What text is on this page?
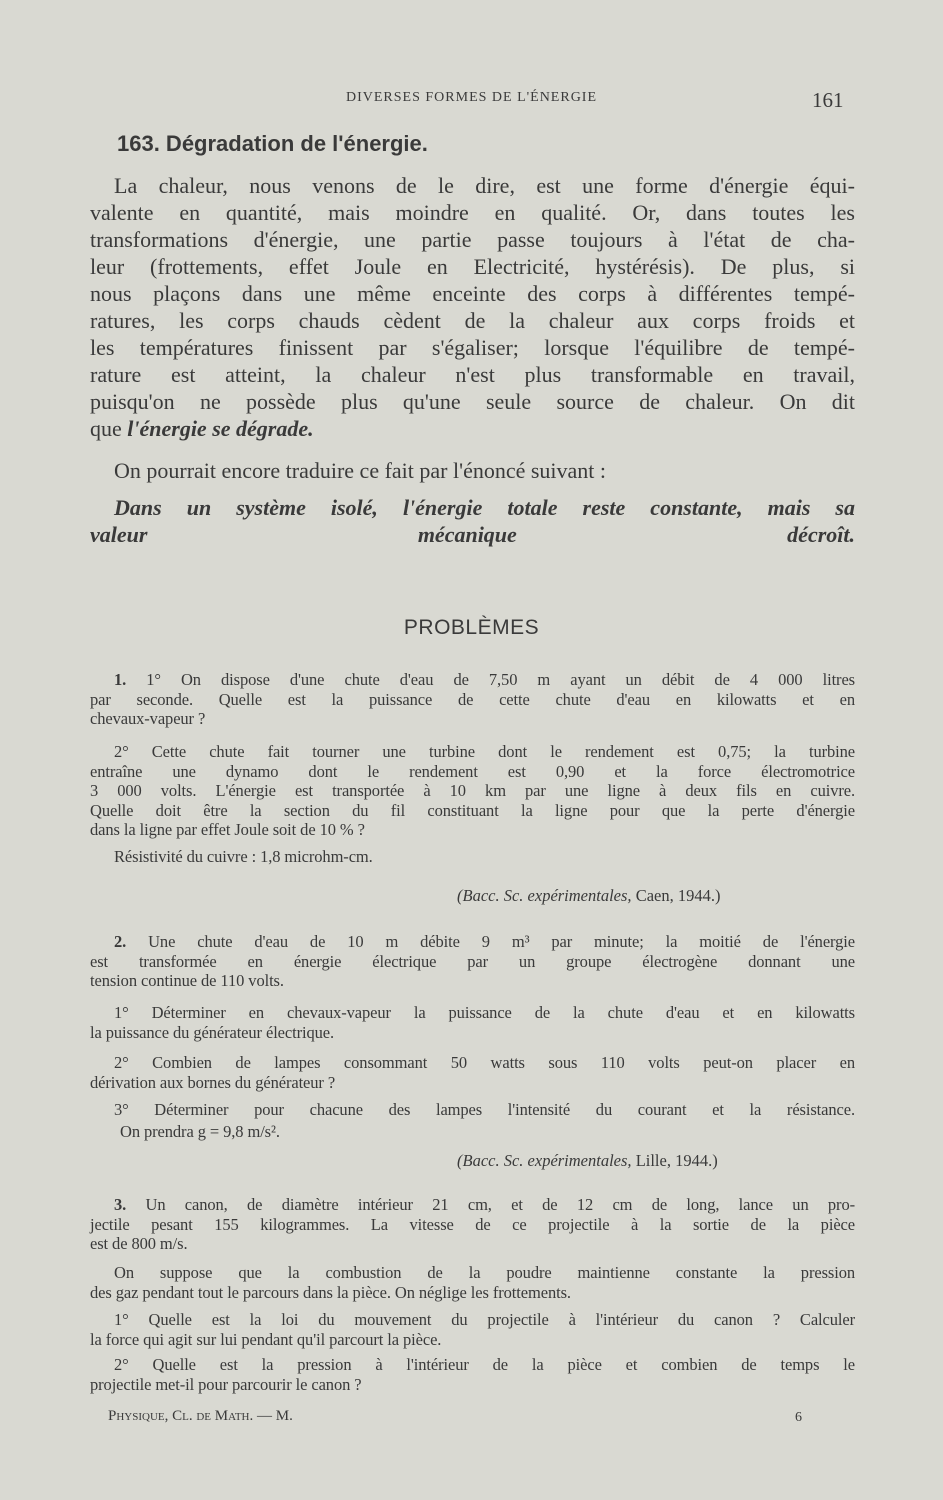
DIVERSES FORMES DE L'ÉNERGIE	161
163. Dégradation de l'énergie.
PROBLÈMES
La chaleur, nous venons de le dire, est une forme d'énergie équi-
valente en quantité, mais moindre en qualité. Or, dans toutes les
transformations d'énergie, une partie passe toujours à l'état de cha-
leur (frottements, effet Joule en Electricité, hystérésis). De plus, si
nous plaçons dans une même enceinte des corps à différentes tempé-
ratures, les corps chauds cèdent de la chaleur aux corps froids et
les températures finissent par s'égaliser; lorsque l'équilibre de tempé-
rature est atteint, la chaleur n'est plus transformable en travail,
puisqu'on ne possède plus qu'une seule source de chaleur. On dit
que l'énergie se dégrade.
On pourrait encore traduire ce fait par l'énoncé suivant :
Dans un système isolé, l'énergie totale reste constante, mais sa
valeur mécanique décroît.
1. 1° On dispose d'une chute d'eau de 7,50 m ayant un débit de 4 000 litres
par seconde. Quelle est la puissance de cette chute d'eau en kilowatts et en
chevaux-vapeur ?
2° Cette chute fait tourner une turbine dont le rendement est 0,75; la turbine
entraîne une dynamo dont le rendement est 0,90 et la force électromotrice
3 000 volts. L'énergie est transportée à 10 km par une ligne à deux fils en cuivre.
Quelle doit être la section du fil constituant la ligne pour que la perte d'énergie
dans la ligne par effet Joule soit de 10 % ?
Résistivité du cuivre : 1,8 microhm-cm.
2. Une chute d'eau de 10 m débite 9 m³ par minute; la moitié de l'énergie
est transformée en énergie électrique par un groupe électrogène donnant une
tension continue de 110 volts.
1° Déterminer en chevaux-vapeur la puissance de la chute d'eau et en kilowatts
la puissance du générateur électrique.
2° Combien de lampes consommant 50 watts sous 110 volts peut-on placer en
dérivation aux bornes du générateur ?
3° Déterminer pour chacune des lampes l'intensité du courant et la résistance.
On prendra g = 9,8 m/s².
3. Un canon, de diamètre intérieur 21 cm, et de 12 cm de long, lance un pro-
jectile pesant 155 kilogrammes. La vitesse de ce projectile à la sortie de la pièce
est de 800 m/s.
On suppose que la combustion de la poudre maintienne constante la pression
des gaz pendant tout le parcours dans la pièce. On néglige les frottements.
1° Quelle est la loi du mouvement du projectile à l'intérieur du canon ? Calculer
la force qui agit sur lui pendant qu'il parcourt la pièce.
2° Quelle est la pression à l'intérieur de la pièce et combien de temps le
projectile met-il pour parcourir le canon ?
(Bacc. Sc. expérimentales, Caen, 1944.)
(Bacc. Sc. expérimentales, Lille, 1944.)
Physique, Cl. de Math. — M.	6
